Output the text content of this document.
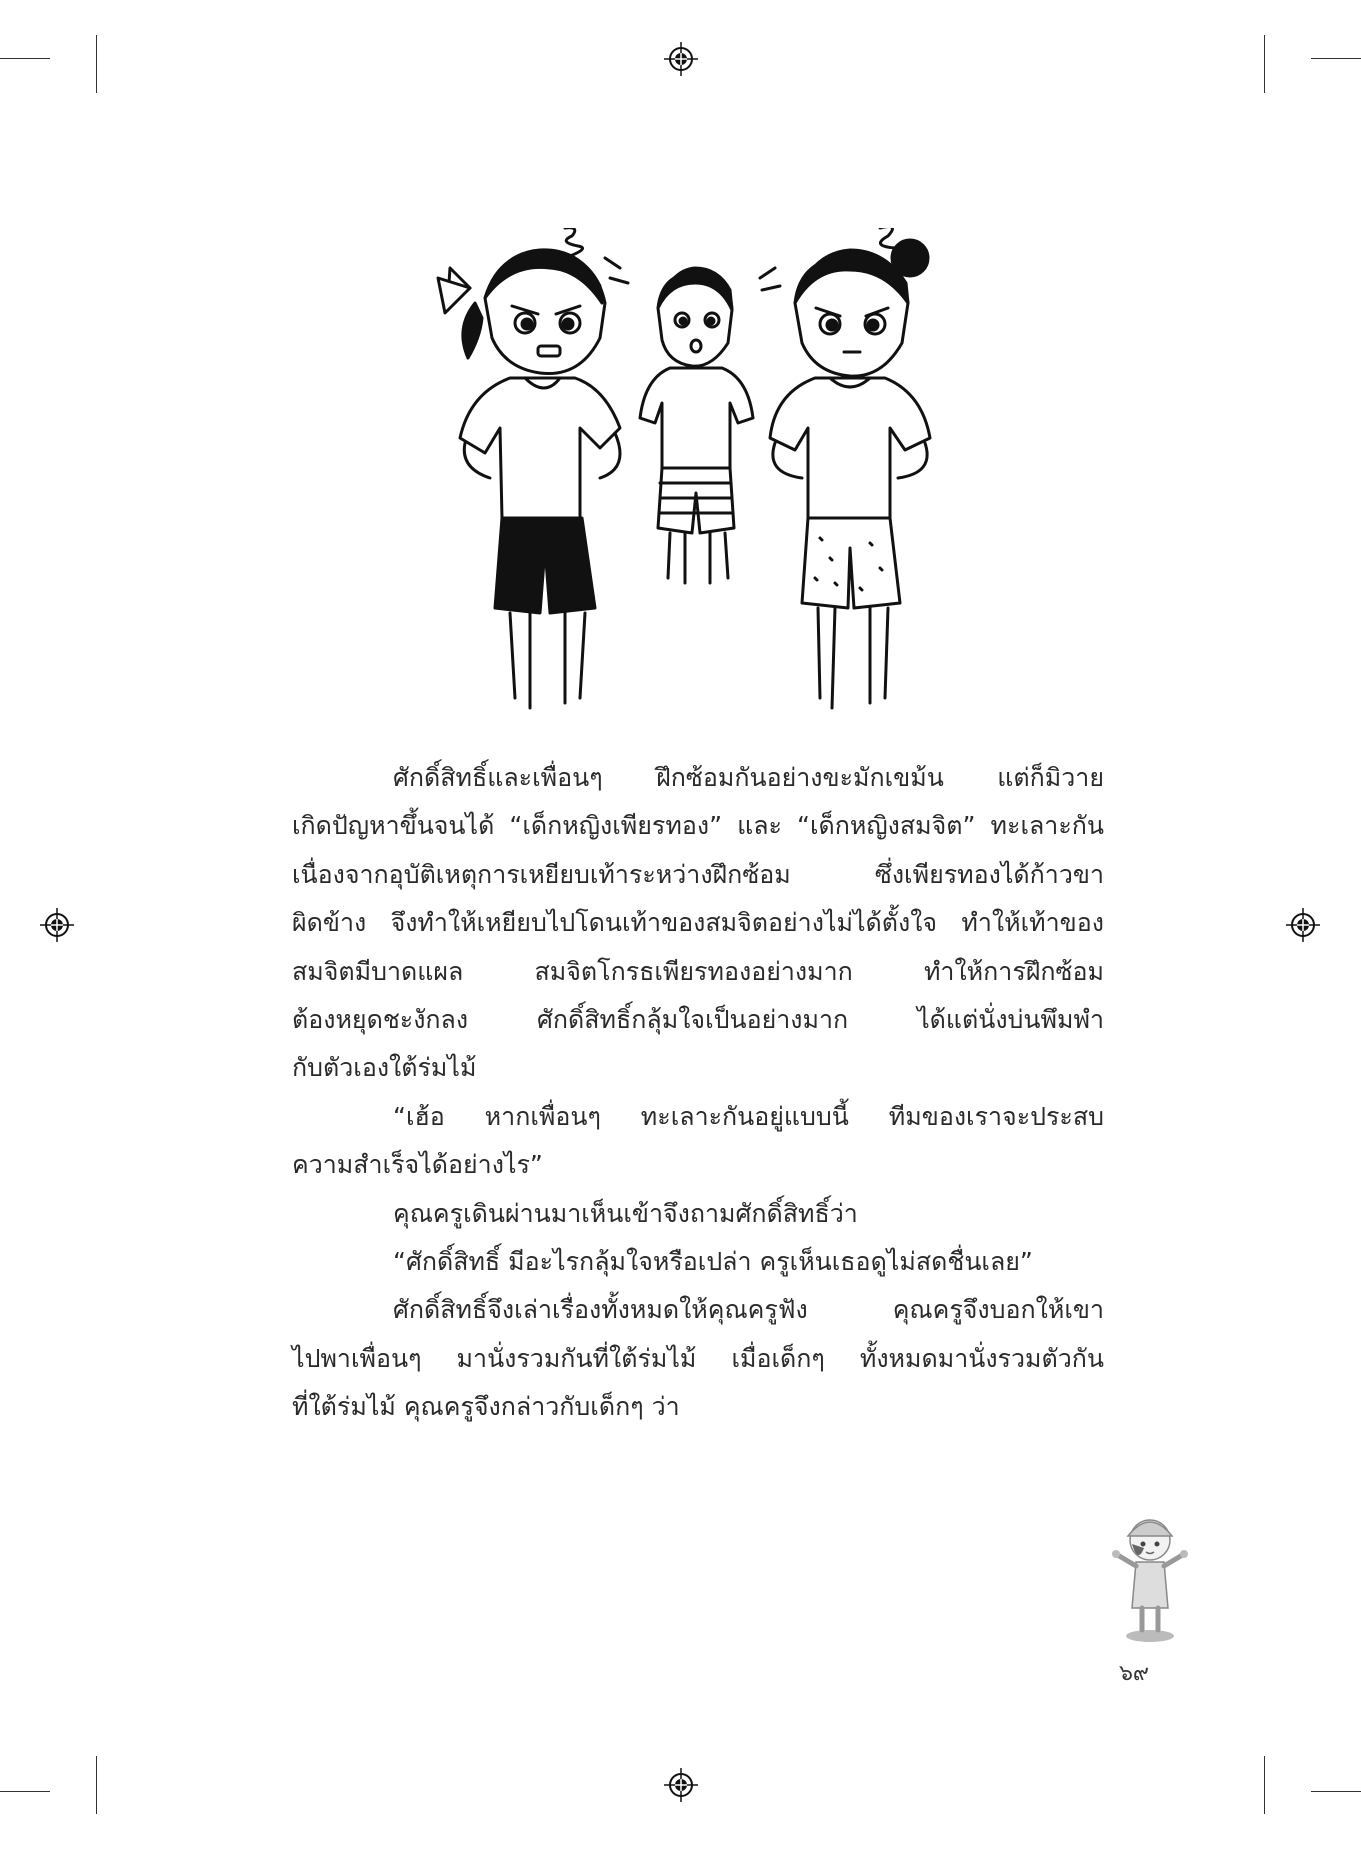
ศักดิ์สิทธิ์และเพื่อนๆ ฝึกซ้อมกันอย่างขะมักเขม้น แต่ก็มิวาย
เกิดปัญหาขึ้นจนได้ “เด็กหญิงเพียรทอง” และ “เด็กหญิงสมจิต” ทะเลาะกัน
เนื่องจากอุบัติเหตุการเหยียบเท้าระหว่างฝึกซ้อม ซึ่งเพียรทองได้ก้าวขา
ผิดข้าง จึงทำให้เหยียบไปโดนเท้าของสมจิตอย่างไม่ได้ตั้งใจ ทำให้เท้าของ
สมจิตมีบาดแผล สมจิตโกรธเพียรทองอย่างมาก ทำให้การฝึกซ้อม
ต้องหยุดชะงักลง ศักดิ์สิทธิ์กลุ้มใจเป็นอย่างมาก ได้แต่นั่งบ่นพึมพำ
กับตัวเองใต้ร่มไม้

“เฮ้อ หากเพื่อนๆ ทะเลาะกันอยู่แบบนี้ ทีมของเราจะประสบ
ความสำเร็จได้อย่างไร”

คุณครูเดินผ่านมาเห็นเข้าจึงถามศักดิ์สิทธิ์ว่า

“ศักดิ์สิทธิ์ มีอะไรกลุ้มใจหรือเปล่า ครูเห็นเธอดูไม่สดชื่นเลย”

ศักดิ์สิทธิ์จึงเล่าเรื่องทั้งหมดให้คุณครูฟัง คุณครูจึงบอกให้เขา
ไปพาเพื่อนๆ มานั่งรวมกันที่ใต้ร่มไม้ เมื่อเด็กๆ ทั้งหมดมานั่งรวมตัวกัน
ที่ใต้ร่มไม้ คุณครูจึงกล่าวกับเด็กๆ ว่า

๖๙
